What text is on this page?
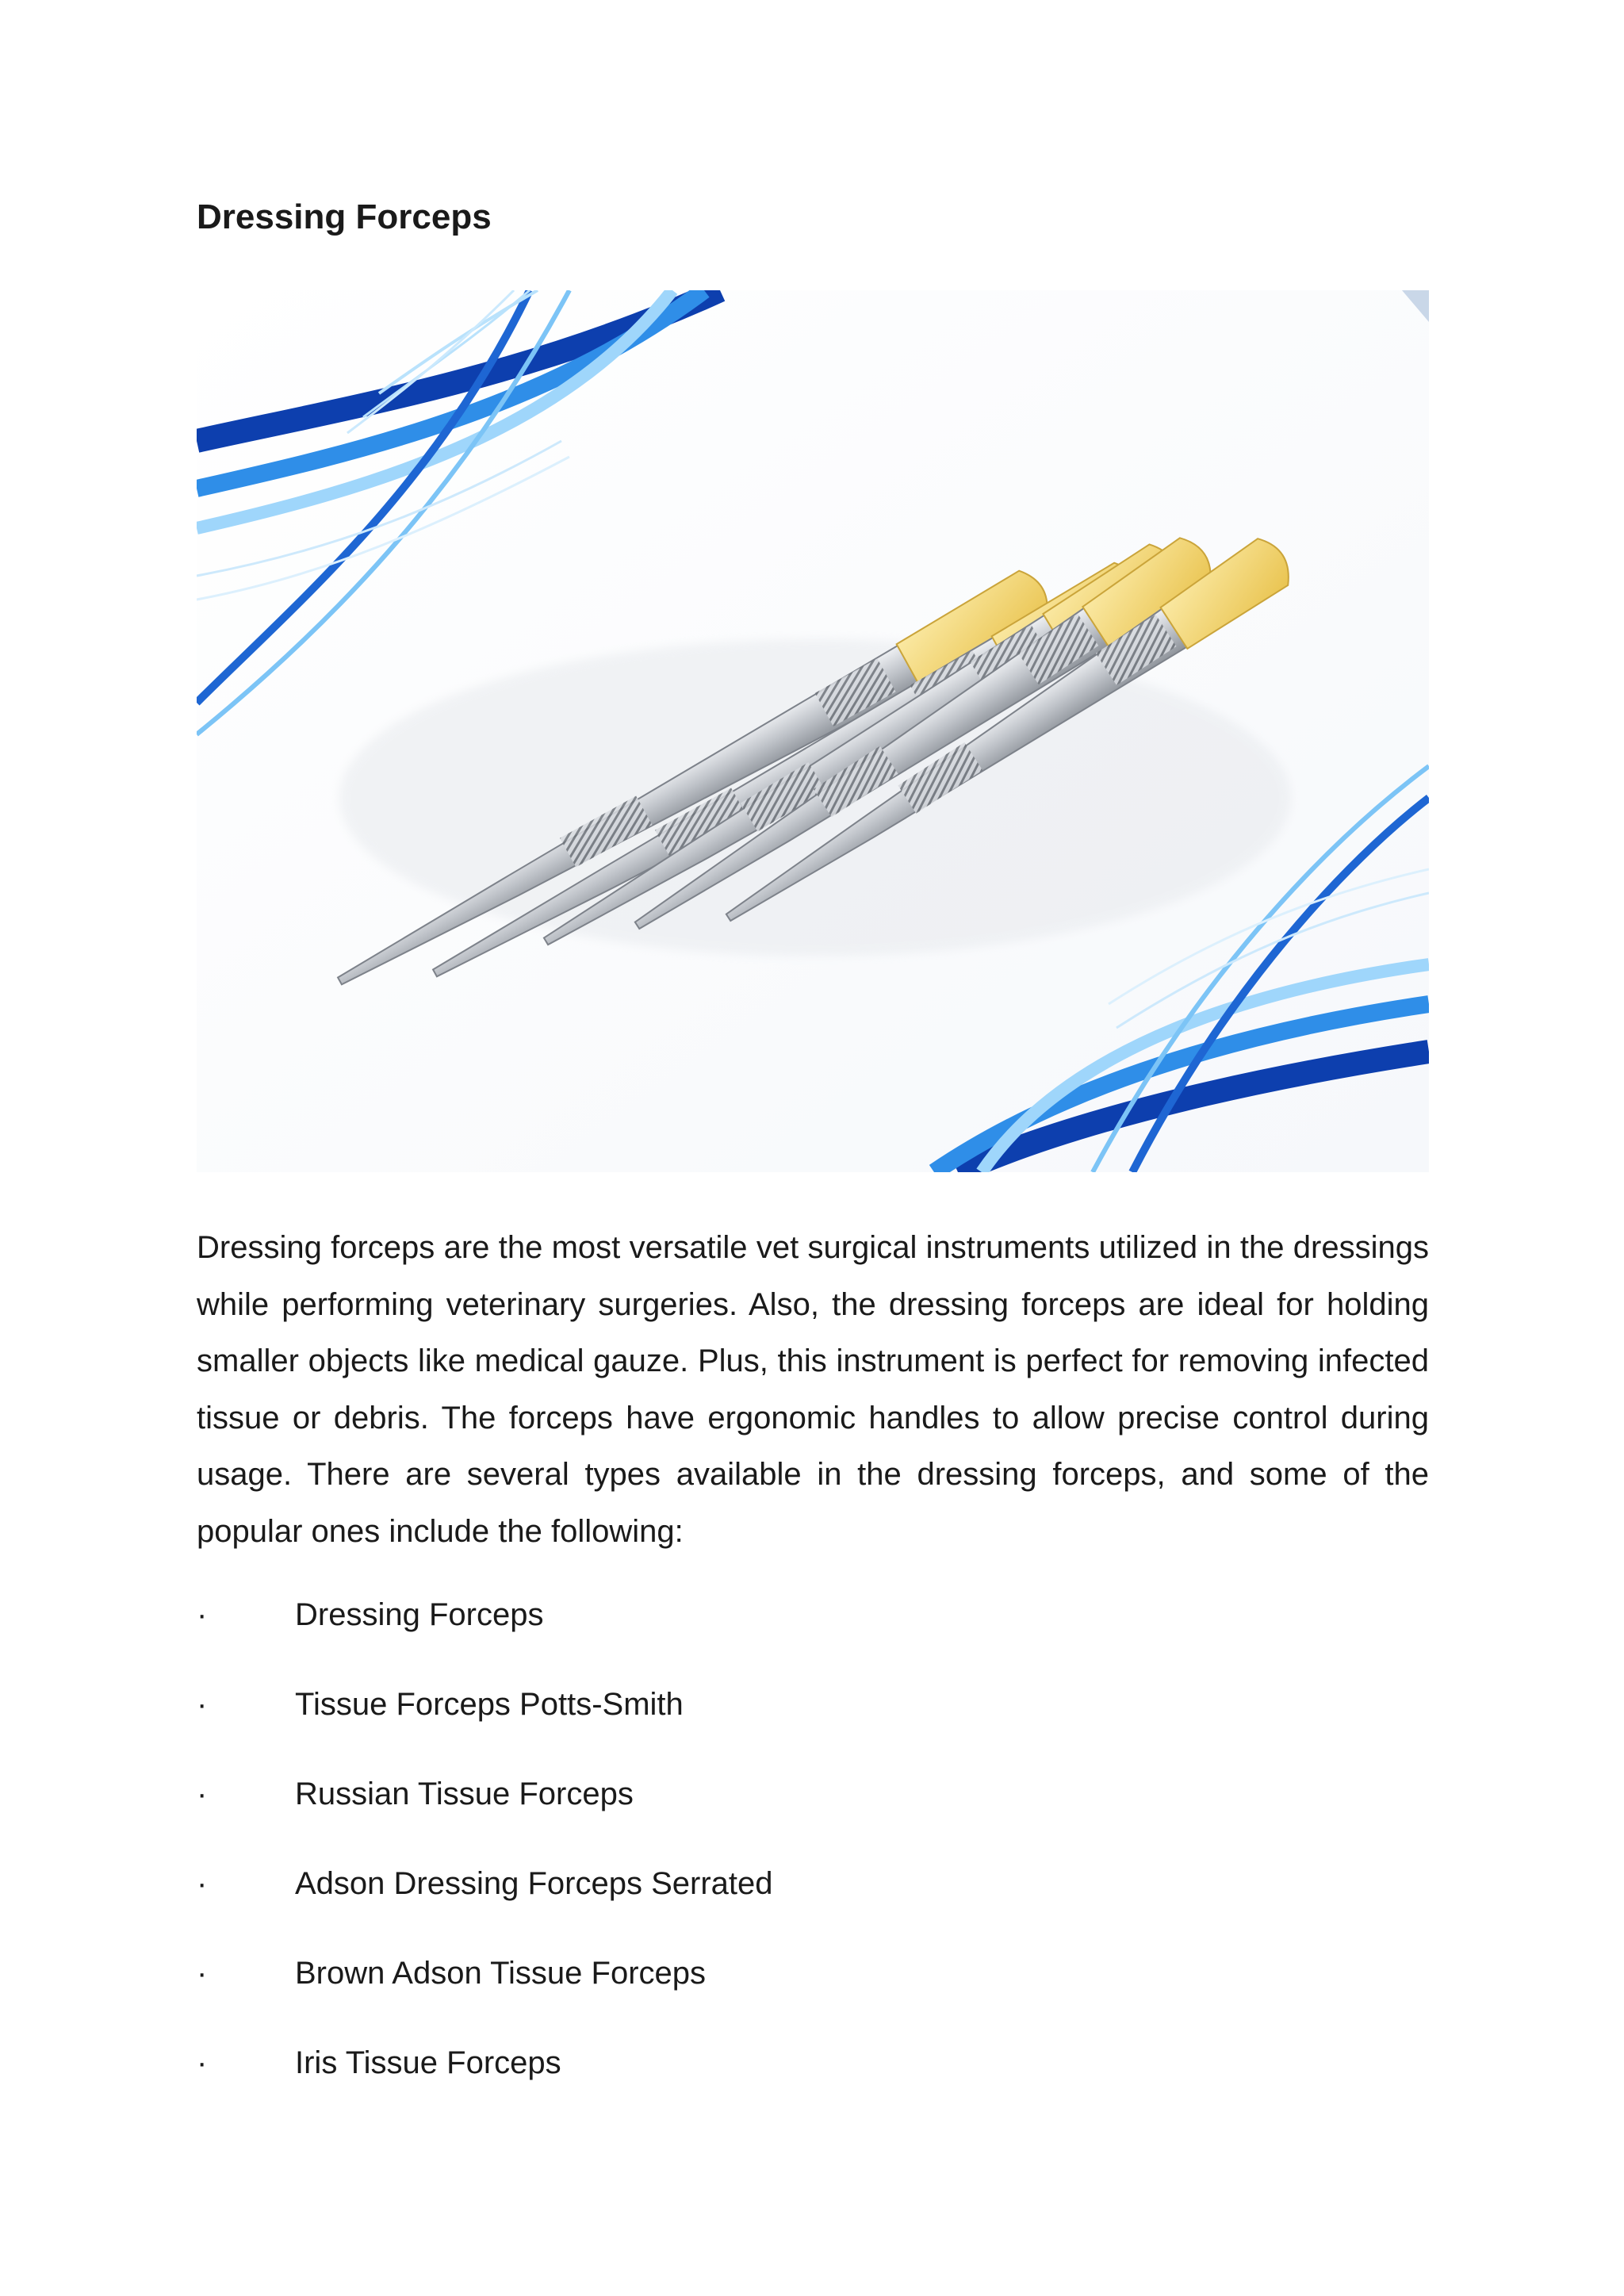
Dressing Forceps

Dressing forceps are the most versatile vet surgical instruments utilized in the dressings while performing veterinary surgeries. Also, the dressing forceps are ideal for holding smaller objects like medical gauze. Plus, this instrument is perfect for removing infected tissue or debris. The forceps have ergonomic handles to allow precise control during usage. There are several types available in the dressing forceps, and some of the popular ones include the following:

·	Dressing Forceps
·	Tissue Forceps Potts-Smith
·	Russian Tissue Forceps
·	Adson Dressing Forceps Serrated
·	Brown Adson Tissue Forceps
·	Iris Tissue Forceps
